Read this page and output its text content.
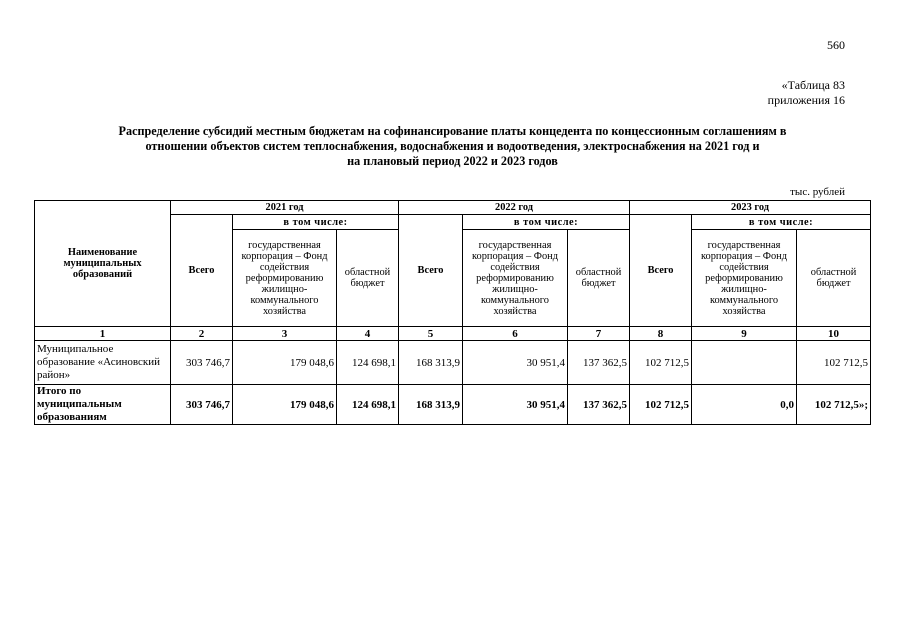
560
«Таблица 83
приложения 16
Распределение субсидий местным бюджетам на софинансирование платы концедента по концессионным соглашениям в
отношении объектов систем теплоснабжения, водоснабжения и водоотведения, электроснабжения на 2021 год и
на плановый период 2022 и 2023 годов
тыс. рублей
Наименование муниципальных образований	2021 год			2022 год			2023 год		
	Всего	в том числе:		Всего	в том числе:		Всего	в том числе:	
		государственная корпорация – Фонд содействия реформированию жилищно-коммунального хозяйства	областной бюджет		государственная корпорация – Фонд содействия реформированию жилищно-коммунального хозяйства	областной бюджет		государственная корпорация – Фонд содействия реформированию жилищно-коммунального хозяйства	областной бюджет
1	2	3	4	5	6	7	8	9	10
Муниципальное образование «Асиновский район»	303 746,7	179 048,6	124 698,1	168 313,9	30 951,4	137 362,5	102 712,5		102 712,5
Итого по муниципальным образованиям	303 746,7	179 048,6	124 698,1	168 313,9	30 951,4	137 362,5	102 712,5	0,0	102 712,5»;
